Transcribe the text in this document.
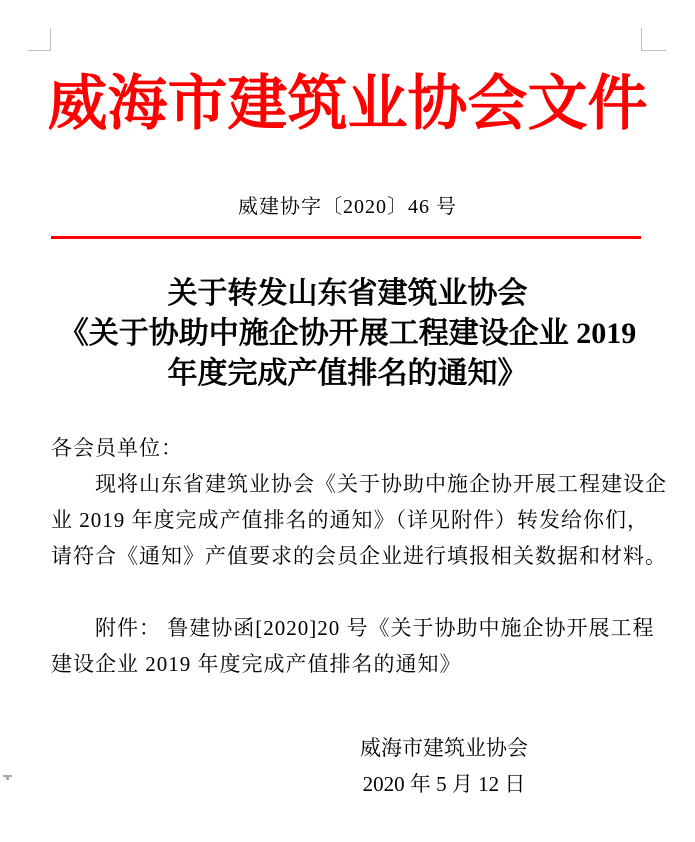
威海市建筑业协会文件
威建协字〔2020〕46 号
关于转发山东省建筑业协会
《关于协助中施企协开展工程建设企业 2019
年度完成产值排名的通知》
各会员单位：
现将山东省建筑业协会《关于协助中施企协开展工程建设企
业 2019 年度完成产值排名的通知》（详见附件）转发给你们，
请符合《通知》产值要求的会员企业进行填报相关数据和材料。
附件： 鲁建协函[2020]20 号《关于协助中施企协开展工程
建设企业 2019 年度完成产值排名的通知》
威海市建筑业协会
2020 年 5 月 12 日
